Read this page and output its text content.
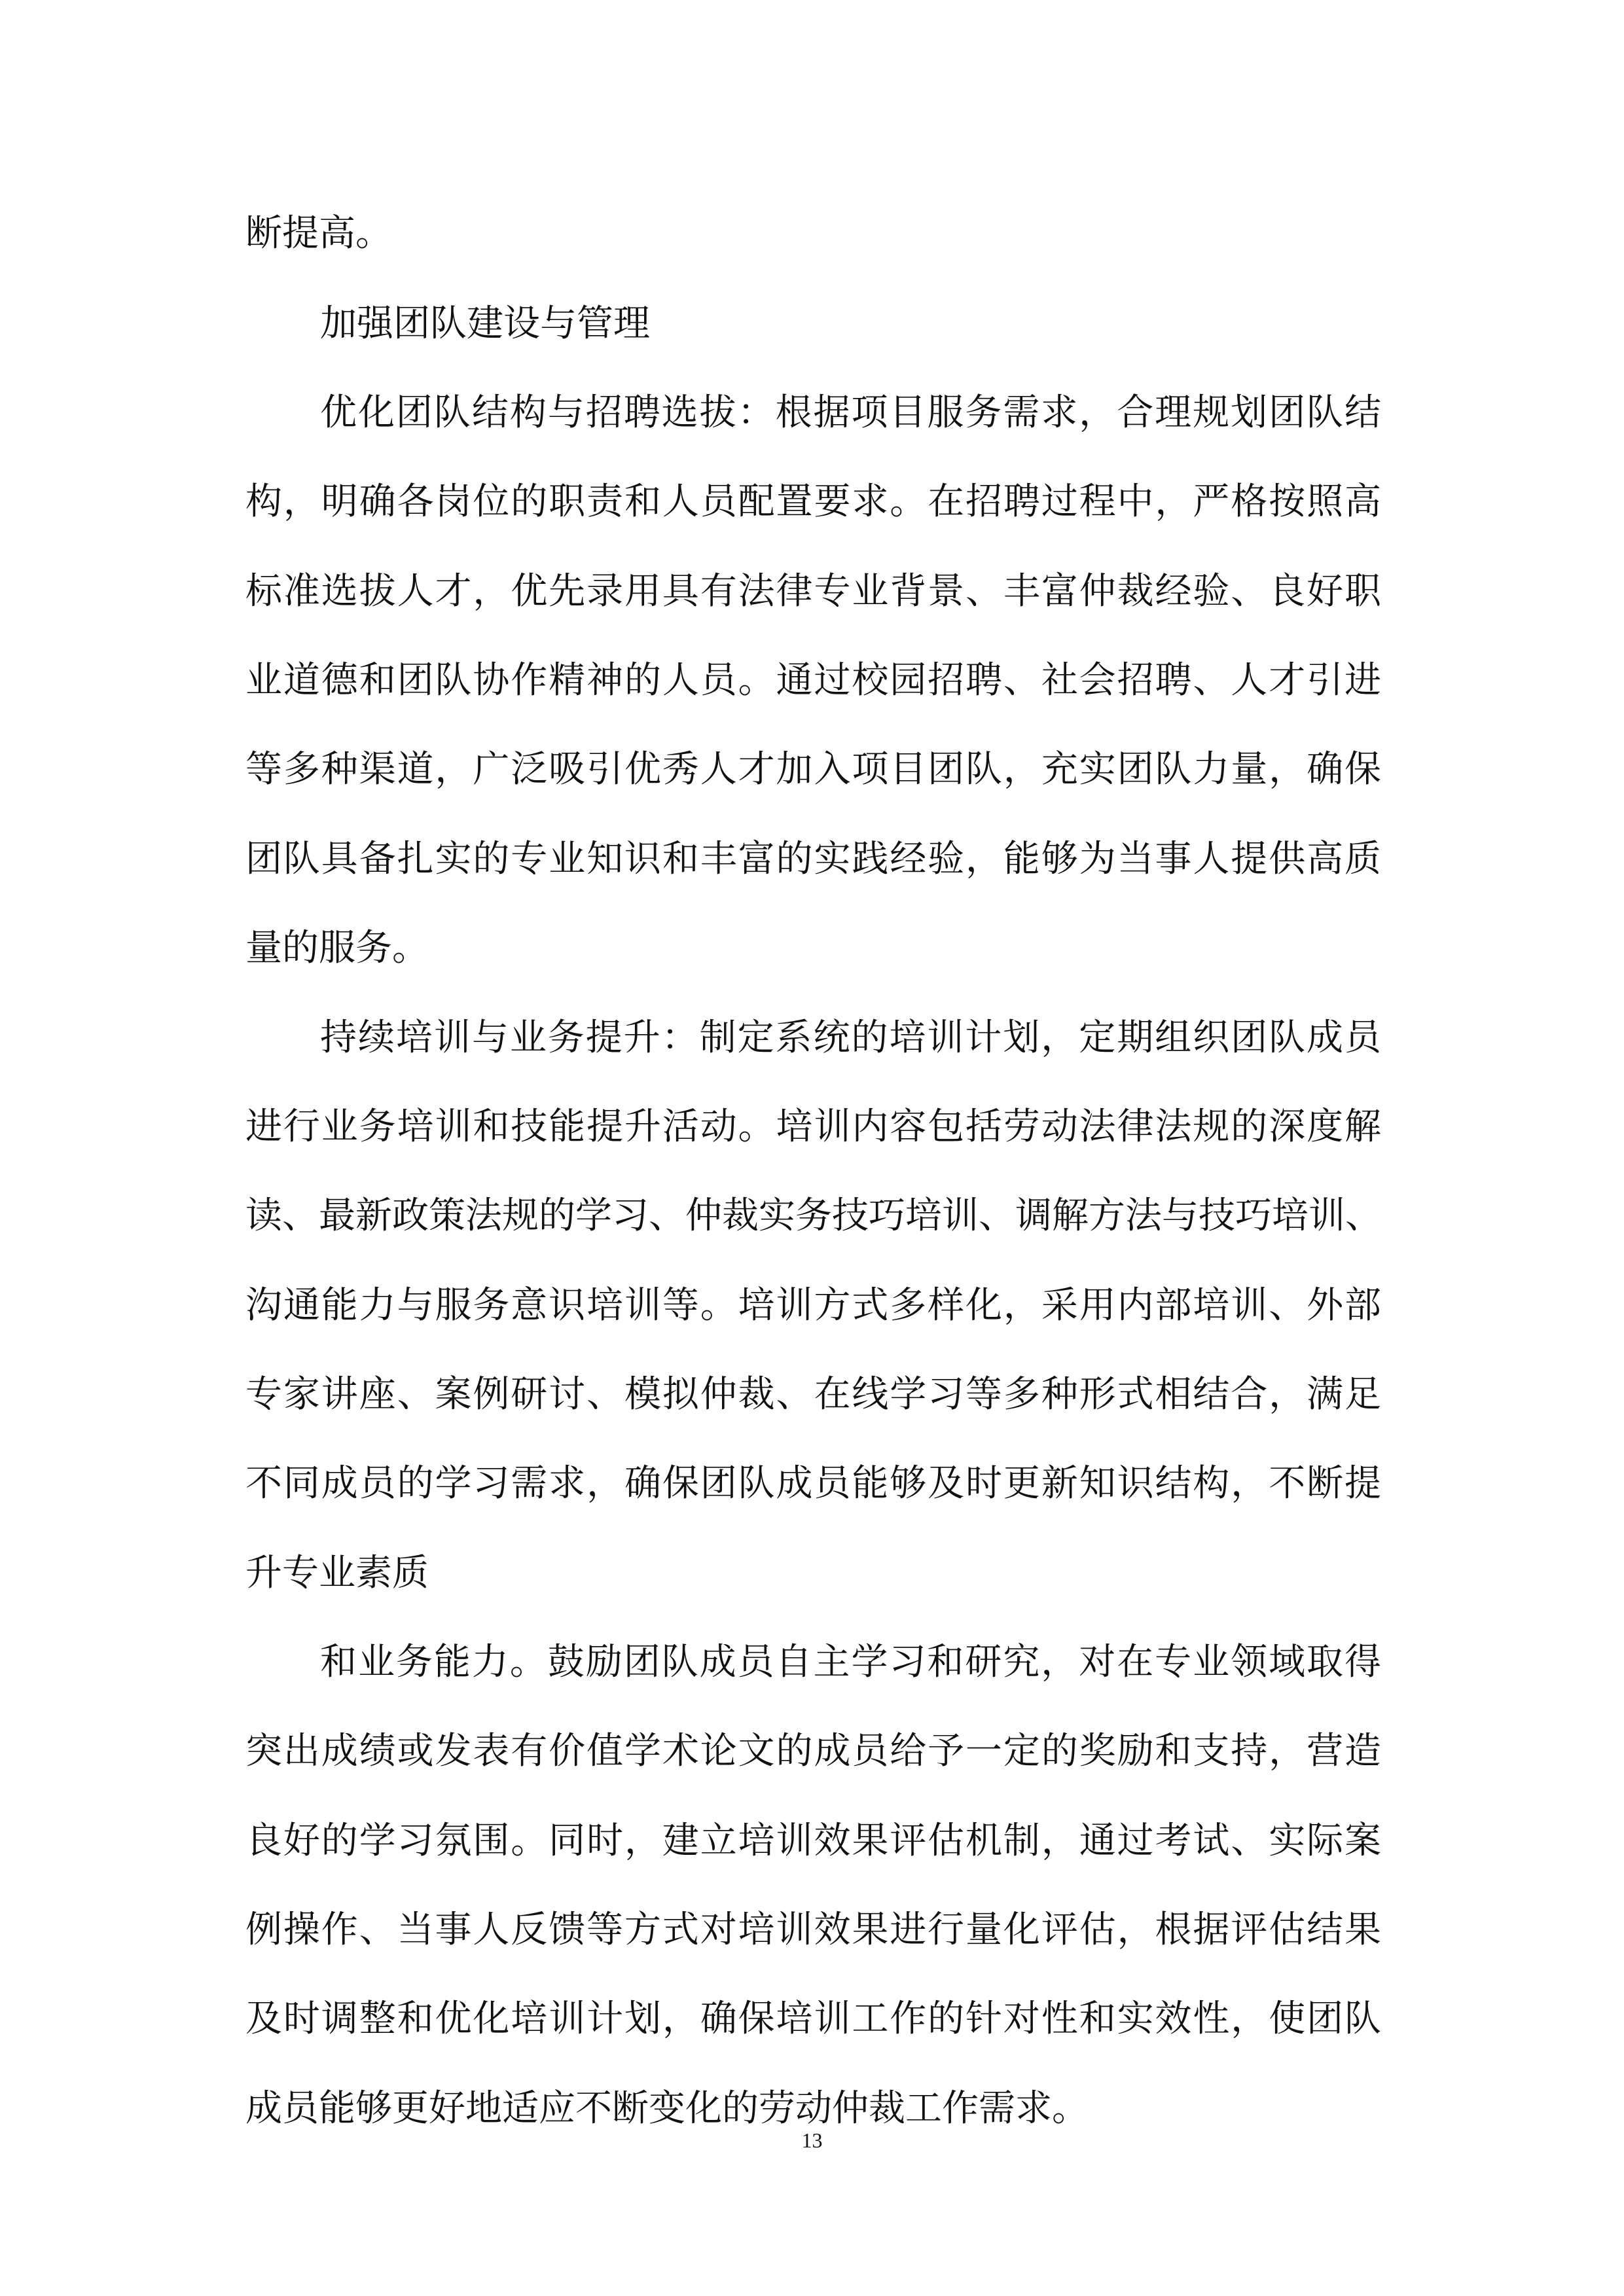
断提高。
加强团队建设与管理
优化团队结构与招聘选拔：根据项目服务需求，合理规划团队结
构，明确各岗位的职责和人员配置要求。在招聘过程中，严格按照高
标准选拔人才，优先录用具有法律专业背景、丰富仲裁经验、良好职
业道德和团队协作精神的人员。通过校园招聘、社会招聘、人才引进
等多种渠道，广泛吸引优秀人才加入项目团队，充实团队力量，确保
团队具备扎实的专业知识和丰富的实践经验，能够为当事人提供高质
量的服务。
持续培训与业务提升：制定系统的培训计划，定期组织团队成员
进行业务培训和技能提升活动。培训内容包括劳动法律法规的深度解
读、最新政策法规的学习、仲裁实务技巧培训、调解方法与技巧培训、
沟通能力与服务意识培训等。培训方式多样化，采用内部培训、外部
专家讲座、案例研讨、模拟仲裁、在线学习等多种形式相结合，满足
不同成员的学习需求，确保团队成员能够及时更新知识结构，不断提
升专业素质
和业务能力。鼓励团队成员自主学习和研究，对在专业领域取得
突出成绩或发表有价值学术论文的成员给予一定的奖励和支持，营造
良好的学习氛围。同时，建立培训效果评估机制，通过考试、实际案
例操作、当事人反馈等方式对培训效果进行量化评估，根据评估结果
及时调整和优化培训计划，确保培训工作的针对性和实效性，使团队
成员能够更好地适应不断变化的劳动仲裁工作需求。
13
